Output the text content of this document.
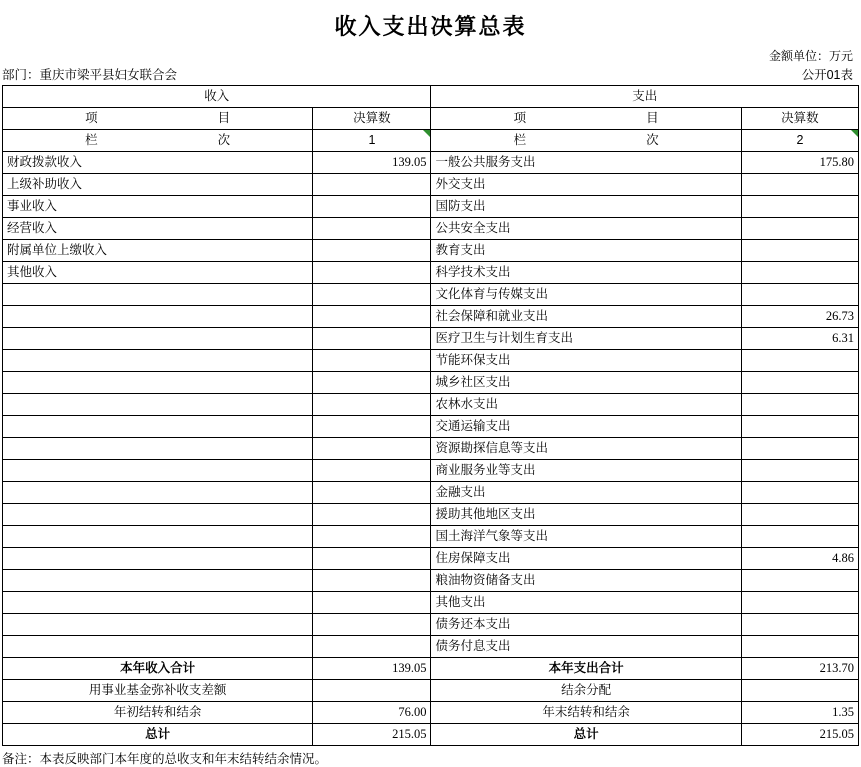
收入支出决算总表
金额单位：万元
部门：重庆市梁平县妇女联合会	公开01表
收入		支出	
项　　　　目	决算数	项　　　　目	决算数
栏　　　　次	1	栏　　　　次	2
财政拨款收入	139.05	一般公共服务支出	175.80
上级补助收入		外交支出	
事业收入		国防支出	
经营收入		公共安全支出	
附属单位上缴收入		教育支出	
其他收入		科学技术支出	
		文化体育与传媒支出	
		社会保障和就业支出	26.73
		医疗卫生与计划生育支出	6.31
		节能环保支出	
		城乡社区支出	
		农林水支出	
		交通运输支出	
		资源勘探信息等支出	
		商业服务业等支出	
		金融支出	
		援助其他地区支出	
		国土海洋气象等支出	
		住房保障支出	4.86
		粮油物资储备支出	
		其他支出	
		债务还本支出	
		债务付息支出	
本年收入合计	139.05	本年支出合计	213.70
用事业基金弥补收支差额		结余分配	
年初结转和结余	76.00	年末结转和结余	1.35
总计	215.05	总计	215.05
备注：本表反映部门本年度的总收支和年末结转结余情况。
